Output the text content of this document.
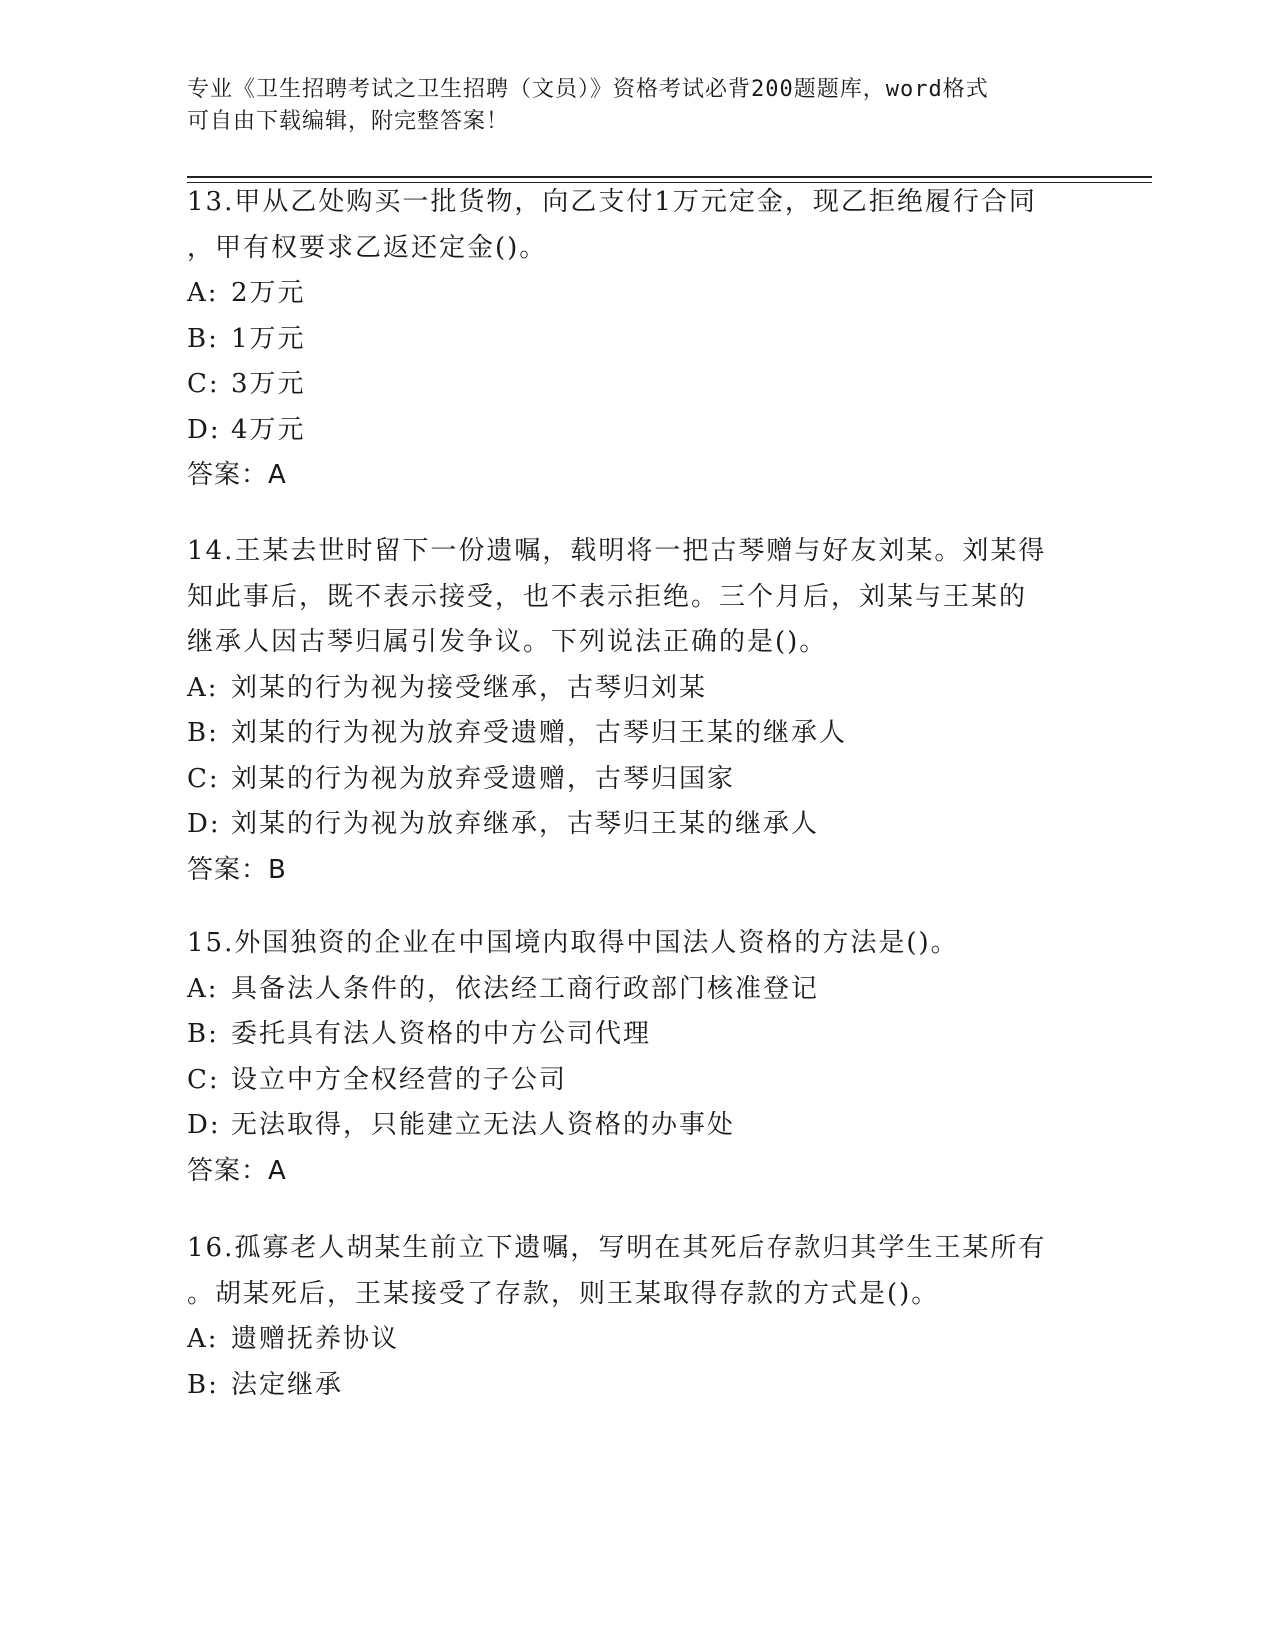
专业《卫生招聘考试之卫生招聘（文员）》资格考试必背200题题库，word格式
可自由下载编辑，附完整答案！
13.甲从乙处购买一批货物，向乙支付1万元定金，现乙拒绝履行合同
，甲有权要求乙返还定金()。
A: 2万元
B: 1万元
C: 3万元
D: 4万元
答案：A
14.王某去世时留下一份遗嘱，载明将一把古琴赠与好友刘某。刘某得
知此事后，既不表示接受，也不表示拒绝。三个月后，刘某与王某的
继承人因古琴归属引发争议。下列说法正确的是()。
A: 刘某的行为视为接受继承，古琴归刘某
B: 刘某的行为视为放弃受遗赠，古琴归王某的继承人
C: 刘某的行为视为放弃受遗赠，古琴归国家
D: 刘某的行为视为放弃继承，古琴归王某的继承人
答案：B
15.外国独资的企业在中国境内取得中国法人资格的方法是()。
A: 具备法人条件的，依法经工商行政部门核准登记
B: 委托具有法人资格的中方公司代理
C: 设立中方全权经营的子公司
D: 无法取得，只能建立无法人资格的办事处
答案：A
16.孤寡老人胡某生前立下遗嘱，写明在其死后存款归其学生王某所有
。胡某死后，王某接受了存款，则王某取得存款的方式是()。
A: 遗赠抚养协议
B: 法定继承
